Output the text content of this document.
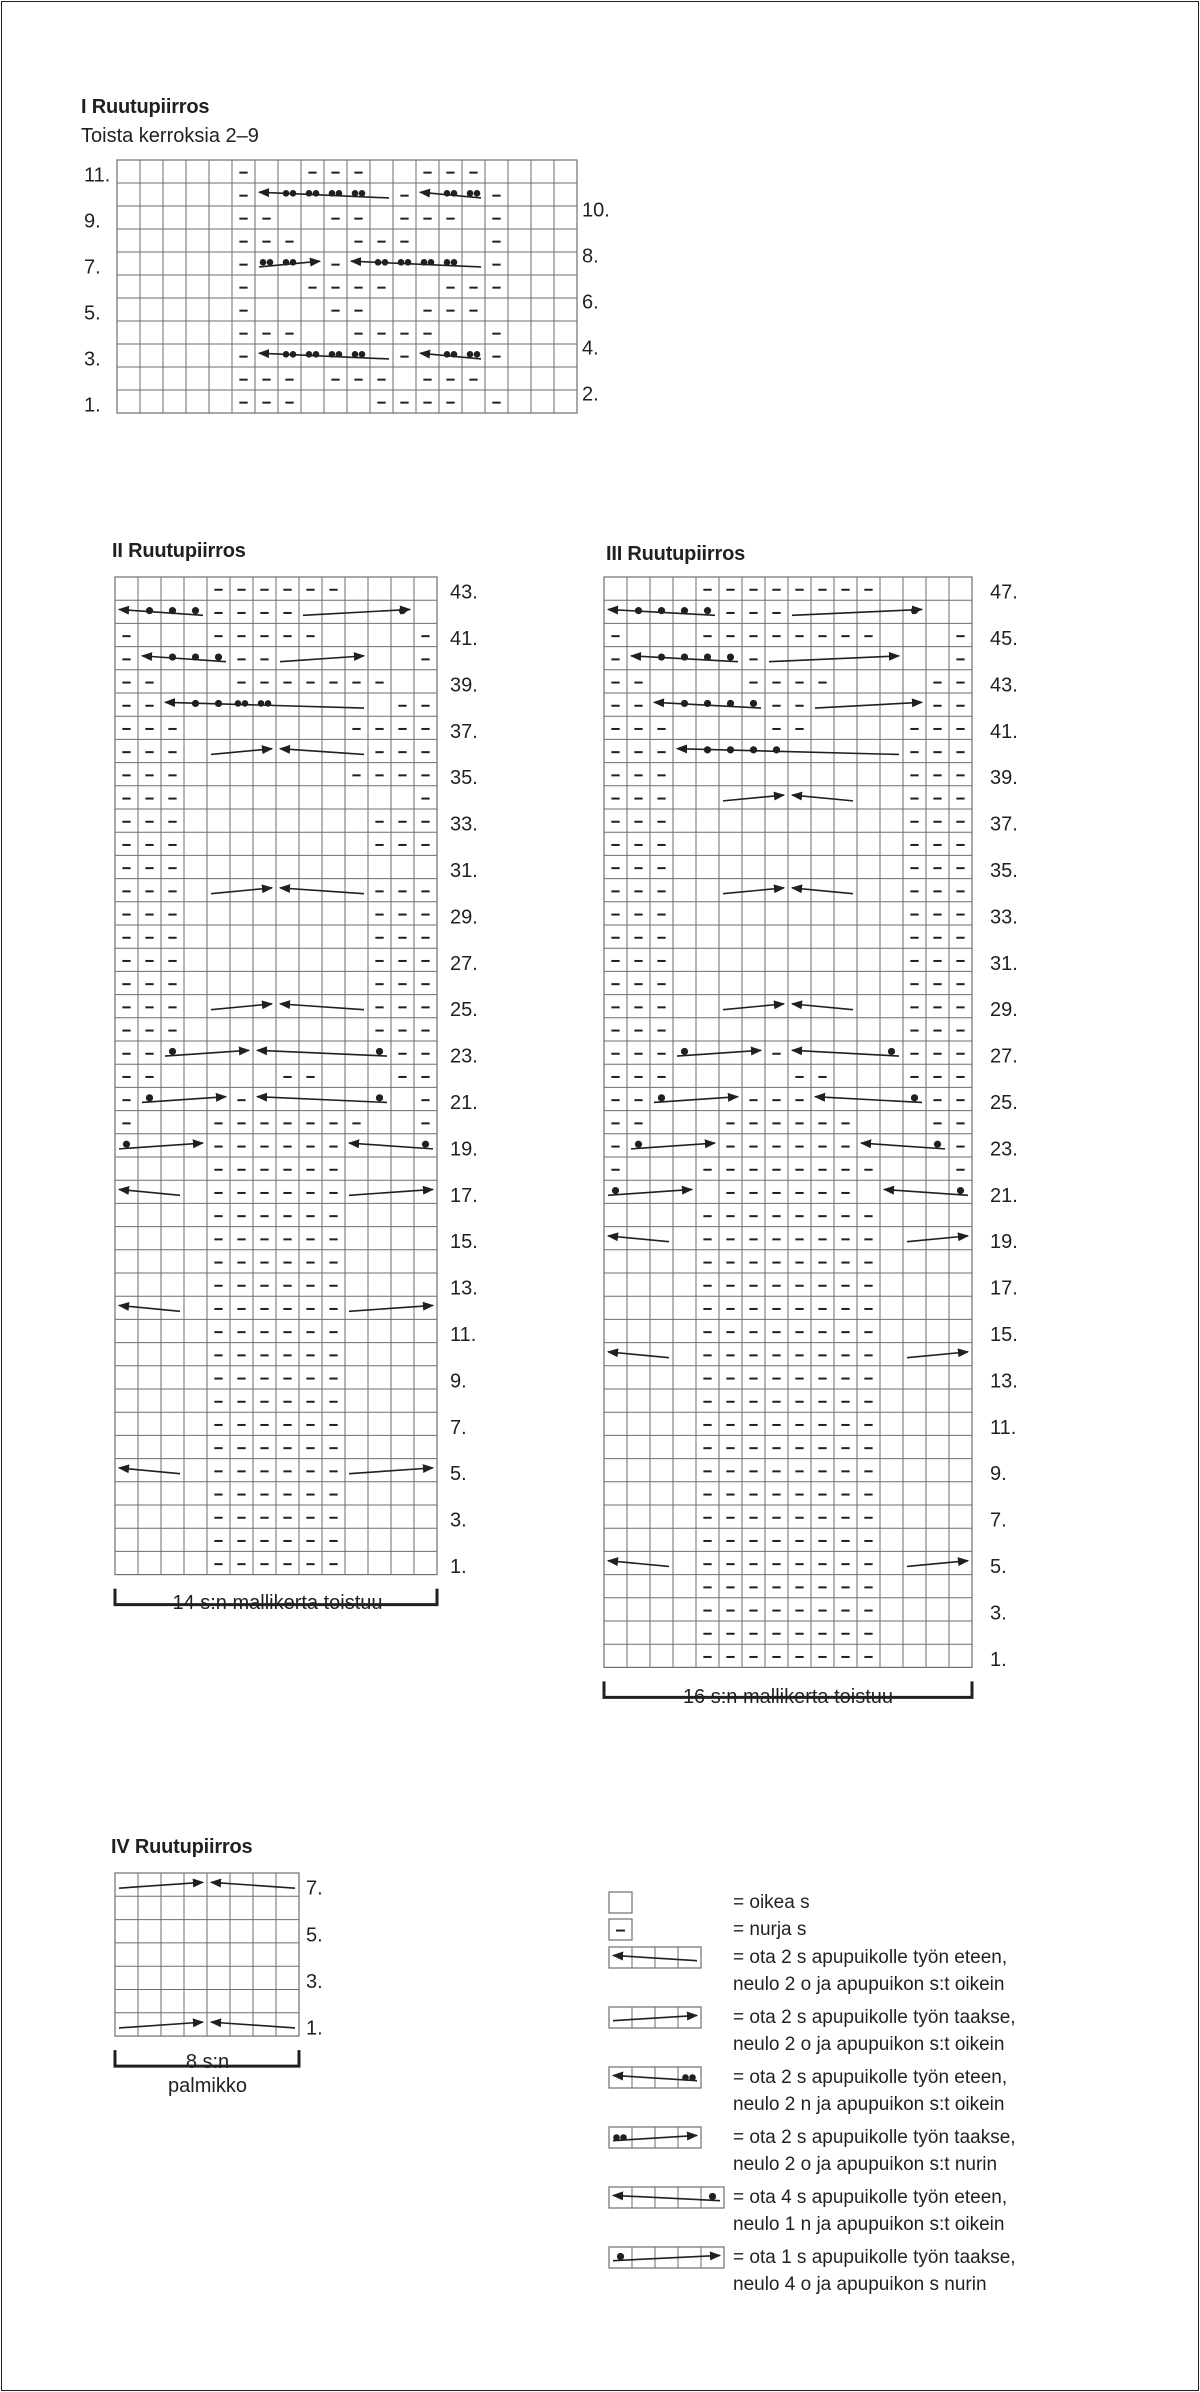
I Ruutupiirros
Toista kerroksia 2–9
II Ruutupiirros	III Ruutupiirros
IV Ruutupiirros
14 s:n mallikerta toistuu
16 s:n mallikerta toistuu
8 s:n
palmikko
10.
8.
6.
4.
2.
11.
9.
7.
5.
3.
1.
43.
41.
39.
37.
35.
33.
31.
29.
27.
25.
23.
21.
19.
17.
15.
13.
11.
9.
7.
5.
3.
1.
47.
45.
43.
41.
39.
37.
35.
33.
31.
29.
27.
25.
23.
21.
19.
17.
15.
13.
11.
9.
7.
5.
3.
1.
7.
5.
3.
1.
= oikea s
= nurja s
= ota 2 s apupuikolle työn eteen,
neulo 2 o ja apupuikon s:t oikein
= ota 2 s apupuikolle työn taakse,
neulo 2 o ja apupuikon s:t oikein
= ota 2 s apupuikolle työn eteen,
neulo 2 n ja apupuikon s:t oikein
= ota 2 s apupuikolle työn taakse,
neulo 2 o ja apupuikon s:t nurin
= ota 4 s apupuikolle työn eteen,
neulo 1 n ja apupuikon s:t oikein
= ota 1 s apupuikolle työn taakse,
neulo 4 o ja apupuikon s nurin
